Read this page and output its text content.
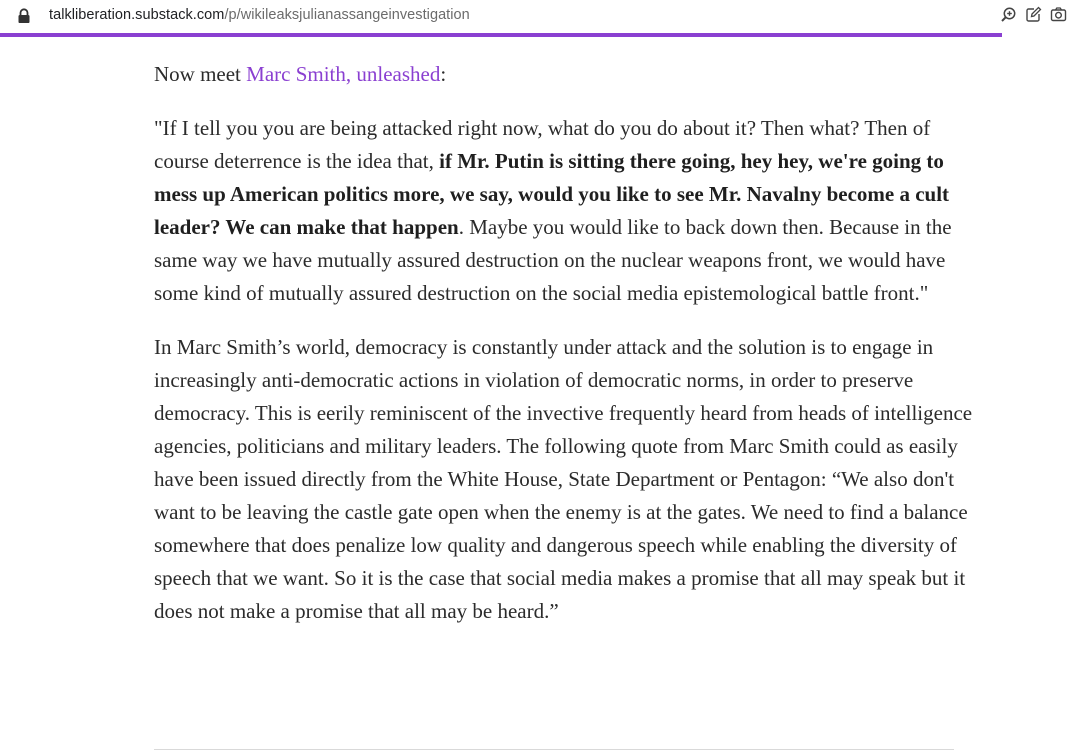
talkliberation.substack.com/p/wikileaksjulianassangeinvestigation

Now meet Marc Smith, unleashed:

"If I tell you you are being attacked right now, what do you do about it? Then what? Then of course deterrence is the idea that, if Mr. Putin is sitting there going, hey hey, we're going to mess up American politics more, we say, would you like to see Mr. Navalny become a cult leader? We can make that happen. Maybe you would like to back down then. Because in the same way we have mutually assured destruction on the nuclear weapons front, we would have some kind of mutually assured destruction on the social media epistemological battle front."

In Marc Smith’s world, democracy is constantly under attack and the solution is to engage in increasingly anti-democratic actions in violation of democratic norms, in order to preserve democracy. This is eerily reminiscent of the invective frequently heard from heads of intelligence agencies, politicians and military leaders. The following quote from Marc Smith could as easily have been issued directly from the White House, State Department or Pentagon: “We also don't want to be leaving the castle gate open when the enemy is at the gates. We need to find a balance somewhere that does penalize low quality and dangerous speech while enabling the diversity of speech that we want. So it is the case that social media makes a promise that all may speak but it does not make a promise that all may be heard.”
